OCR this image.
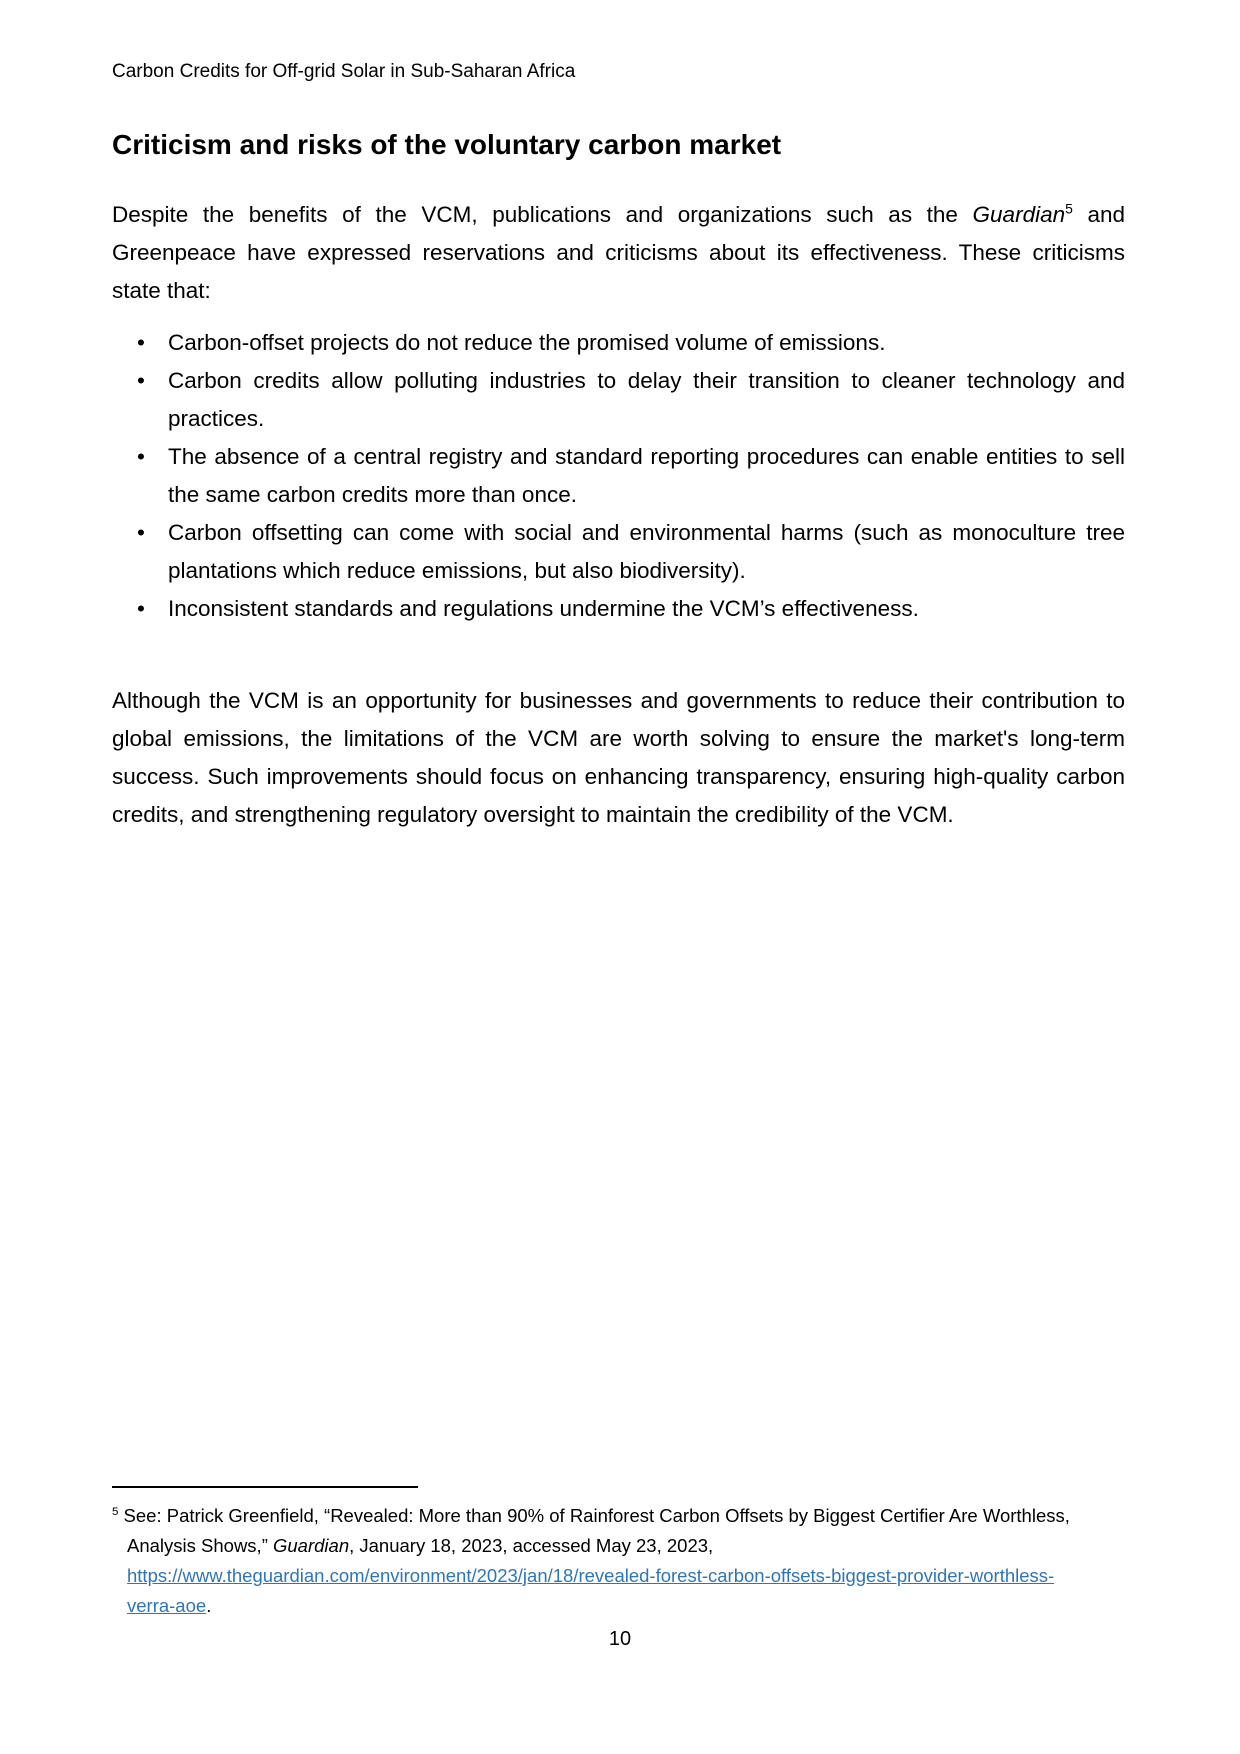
Carbon Credits for Off-grid Solar in Sub-Saharan Africa
Criticism and risks of the voluntary carbon market

Despite the benefits of the VCM, publications and organizations such as the Guardian$^5$ and Greenpeace have expressed reservations and criticisms about its effectiveness. These criticisms state that:

• Carbon-offset projects do not reduce the promised volume of emissions.
• Carbon credits allow polluting industries to delay their transition to cleaner technology and practices.
• The absence of a central registry and standard reporting procedures can enable entities to sell the same carbon credits more than once.
• Carbon offsetting can come with social and environmental harms (such as monoculture tree plantations which reduce emissions, but also biodiversity).
• Inconsistent standards and regulations undermine the VCM’s effectiveness.

Although the VCM is an opportunity for businesses and governments to reduce their contribution to global emissions, the limitations of the VCM are worth solving to ensure the market's long-term success. Such improvements should focus on enhancing transparency, ensuring high-quality carbon credits, and strengthening regulatory oversight to maintain the credibility of the VCM.

$^5$ See: Patrick Greenfield, “Revealed: More than 90% of Rainforest Carbon Offsets by Biggest Certifier Are Worthless, Analysis Shows,” Guardian, January 18, 2023, accessed May 23, 2023,
https://www.theguardian.com/environment/2023/jan/18/revealed-forest-carbon-offsets-biggest-provider-worthless-
verra-aoe.
10
